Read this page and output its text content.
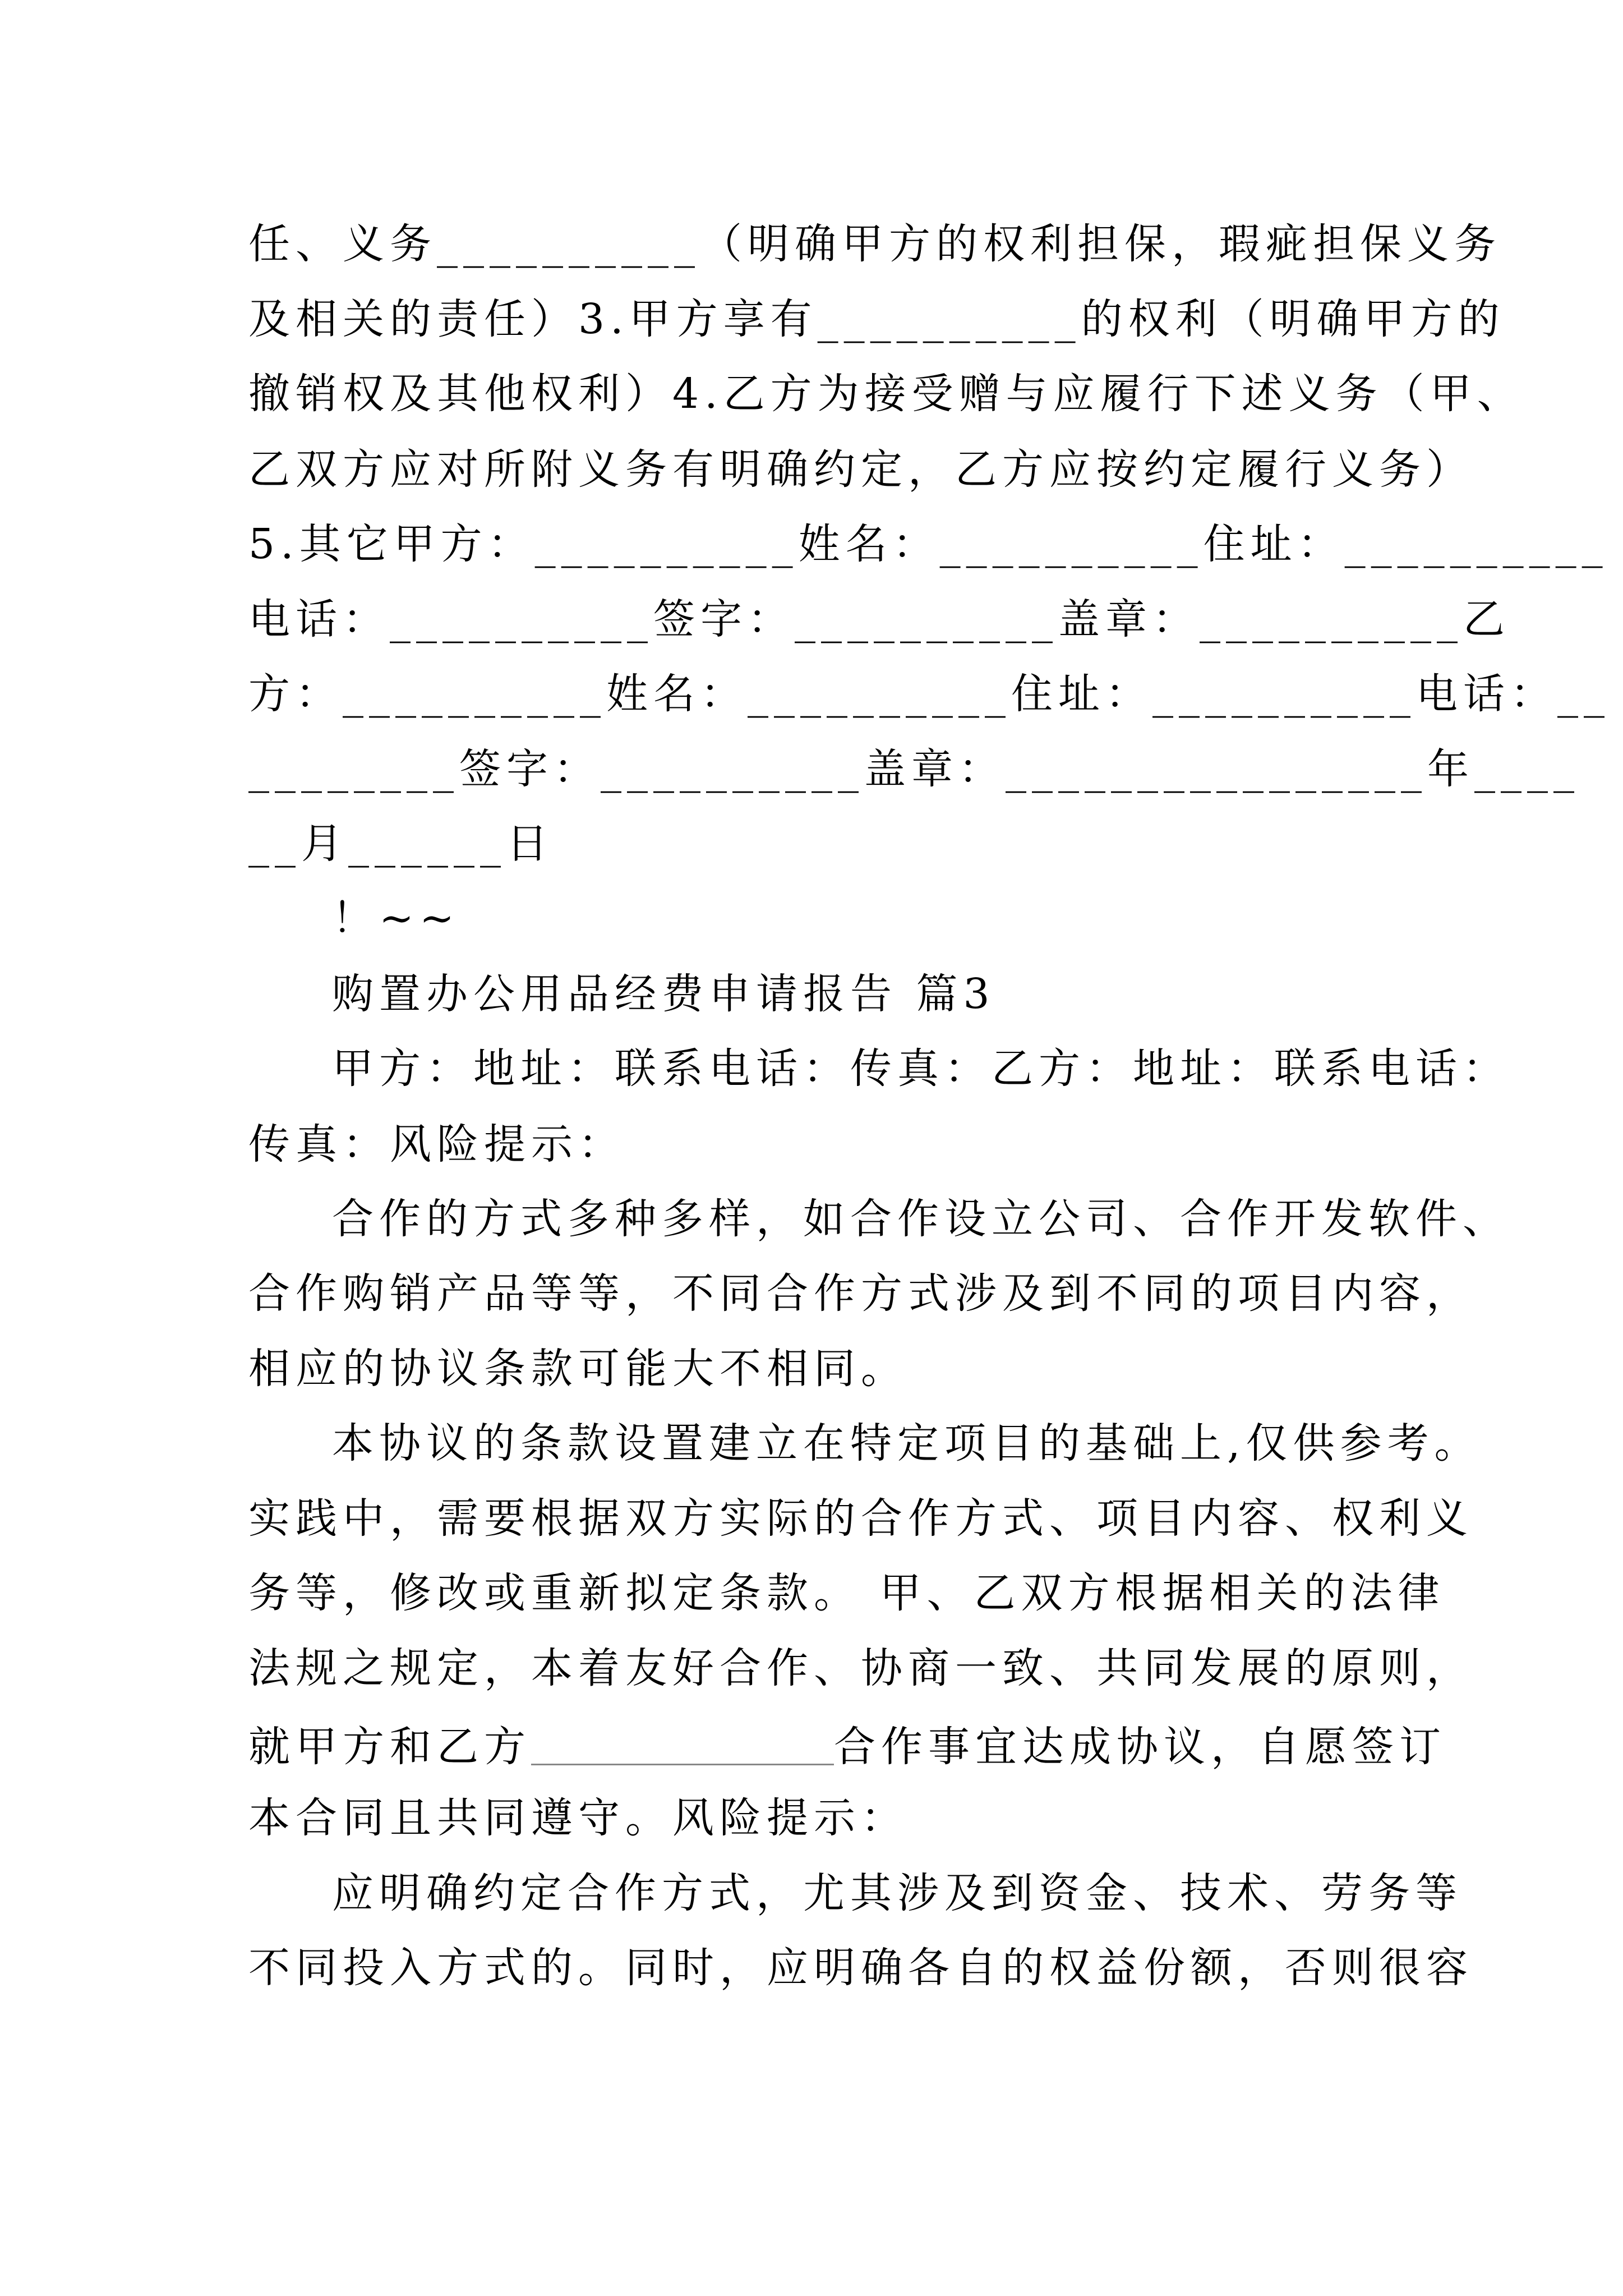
任、义务__________（明确甲方的权利担保，瑕疵担保义务
及相关的责任）3.甲方享有__________的权利（明确甲方的
撤销权及其他权利）4.乙方为接受赠与应履行下述义务（甲、
乙双方应对所附义务有明确约定，乙方应按约定履行义务）
5.其它甲方：__________姓名：__________住址：__________
电话：__________签字：__________盖章：__________乙
方：__________姓名：__________住址：__________电话：__
________签字：__________盖章：________________年____
__月______日
！~~
购置办公用品经费申请报告 篇3
甲方：地址：联系电话：传真：乙方：地址：联系电话：
传真：风险提示：
合作的方式多种多样，如合作设立公司、合作开发软件、
合作购销产品等等，不同合作方式涉及到不同的项目内容，
相应的协议条款可能大不相同。
本协议的条款设置建立在特定项目的基础上,仅供参考。
实践中，需要根据双方实际的合作方式、项目内容、权利义
务等，修改或重新拟定条款。 甲、乙双方根据相关的法律
法规之规定，本着友好合作、协商一致、共同发展的原则，
就甲方和乙方	合作事宜达成协议，自愿签订
本合同且共同遵守。风险提示：
应明确约定合作方式，尤其涉及到资金、技术、劳务等
不同投入方式的。同时，应明确各自的权益份额，否则很容
